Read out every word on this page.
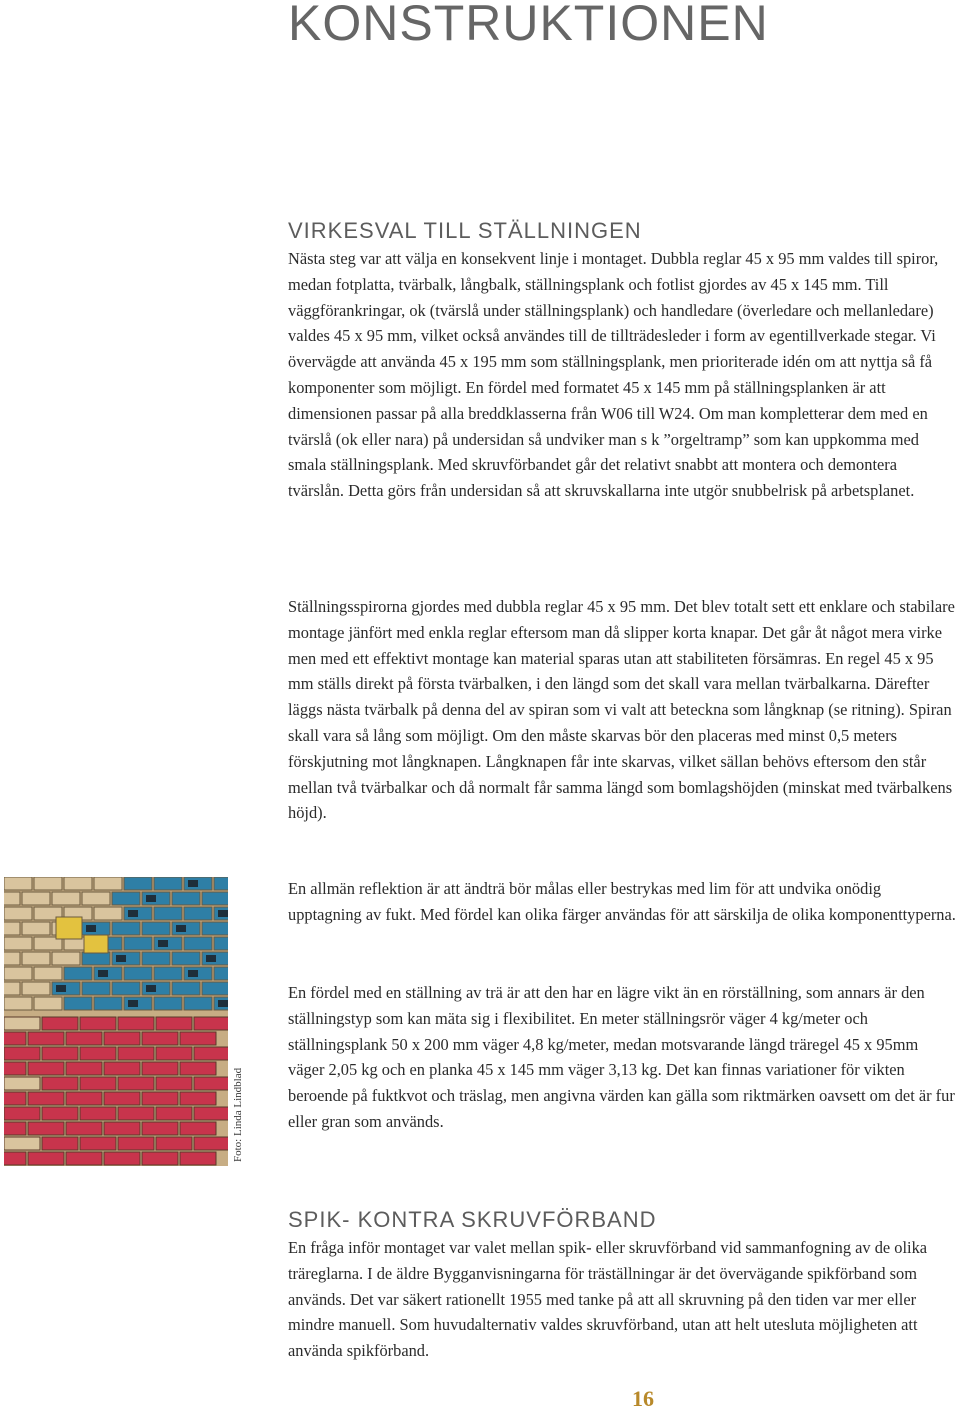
KONSTRUKTIONEN
VIRKESVAL TILL STÄLLNINGEN

Nästa steg var att välja en konsekvent linje i montaget. Dubbla reglar 45 x 95 mm valdes till spiror, medan fotplatta, tvärbalk, långbalk, ställningsplank och fotlist gjordes av 45 x 145 mm. Till väggförankringar, ok (tvärslå under ställningsplank) och handledare (överledare och mellanledare) valdes 45 x 95 mm, vilket också användes till de tillträdesleder i form av egentillverkade stegar. Vi övervägde att använda 45 x 195 mm som ställningsplank, men prioriterade idén om att nyttja så få komponenter som möjligt. En fördel med formatet 45 x 145 mm på ställningsplanken är att dimensionen passar på alla breddklasserna från W06 till W24. Om man kompletterar dem med en tvärslå (ok eller nara) på undersidan så undviker man s k ”orgeltramp” som kan uppkomma med smala ställningsplank. Med skruvförbandet går det relativt snabbt att montera och demontera tvärslån. Detta görs från undersidan så att skruvskallarna inte utgör snubbelrisk på arbetsplanet.

Ställningsspirorna gjordes med dubbla reglar 45 x 95 mm. Det blev totalt sett ett enklare och stabilare montage jänfört med enkla reglar eftersom man då slipper korta knapar. Det går åt något mera virke men med ett effektivt montage kan material sparas utan att stabiliteten försämras. En regel 45 x 95 mm ställs direkt på första tvärbalken, i den längd som det skall vara mellan tvärbalkarna. Därefter läggs nästa tvärbalk på denna del av spiran som vi valt att beteckna som långknap (se ritning). Spiran skall vara så lång som möjligt. Om den måste skarvas bör den placeras med minst 0,5 meters förskjutning mot långknapen. Långknapen får inte skarvas, vilket sällan behövs eftersom den står mellan två tvärbalkar och då normalt får samma längd som bomlagshöjden (minskat med tvärbalkens höjd).

Foto: Linda Lindblad

En allmän reflektion är att ändträ bör målas eller bestrykas med lim för att undvika onödig upptagning av fukt. Med fördel kan olika färger användas för att särskilja de olika komponenttyperna.

En fördel med en ställning av trä är att den har en lägre vikt än en rörställning, som annars är den ställningstyp som kan mäta sig i flexibilitet. En meter ställningsrör väger 4 kg/meter och ställningsplank 50 x 200 mm väger 4,8 kg/meter, medan motsvarande längd träregel 45 x 95mm väger 2,05 kg och en planka 45 x 145 mm väger 3,13 kg. Det kan finnas variationer för vikten beroende på fuktkvot och träslag, men angivna värden kan gälla som riktmärken oavsett om det är fur eller gran som används.

SPIK- KONTRA SKRUVFÖRBAND

En fråga inför montaget var valet mellan spik- eller skruvförband vid sammanfogning av de olika träreglarna. I de äldre Bygganvisningarna för träställningar är det övervägande spikförband som används. Det var säkert rationellt 1955 med tanke på att all skruvning på den tiden var mer eller mindre manuell. Som huvudalternativ valdes skruvförband, utan att helt utesluta möjligheten att använda spikförband.

16
